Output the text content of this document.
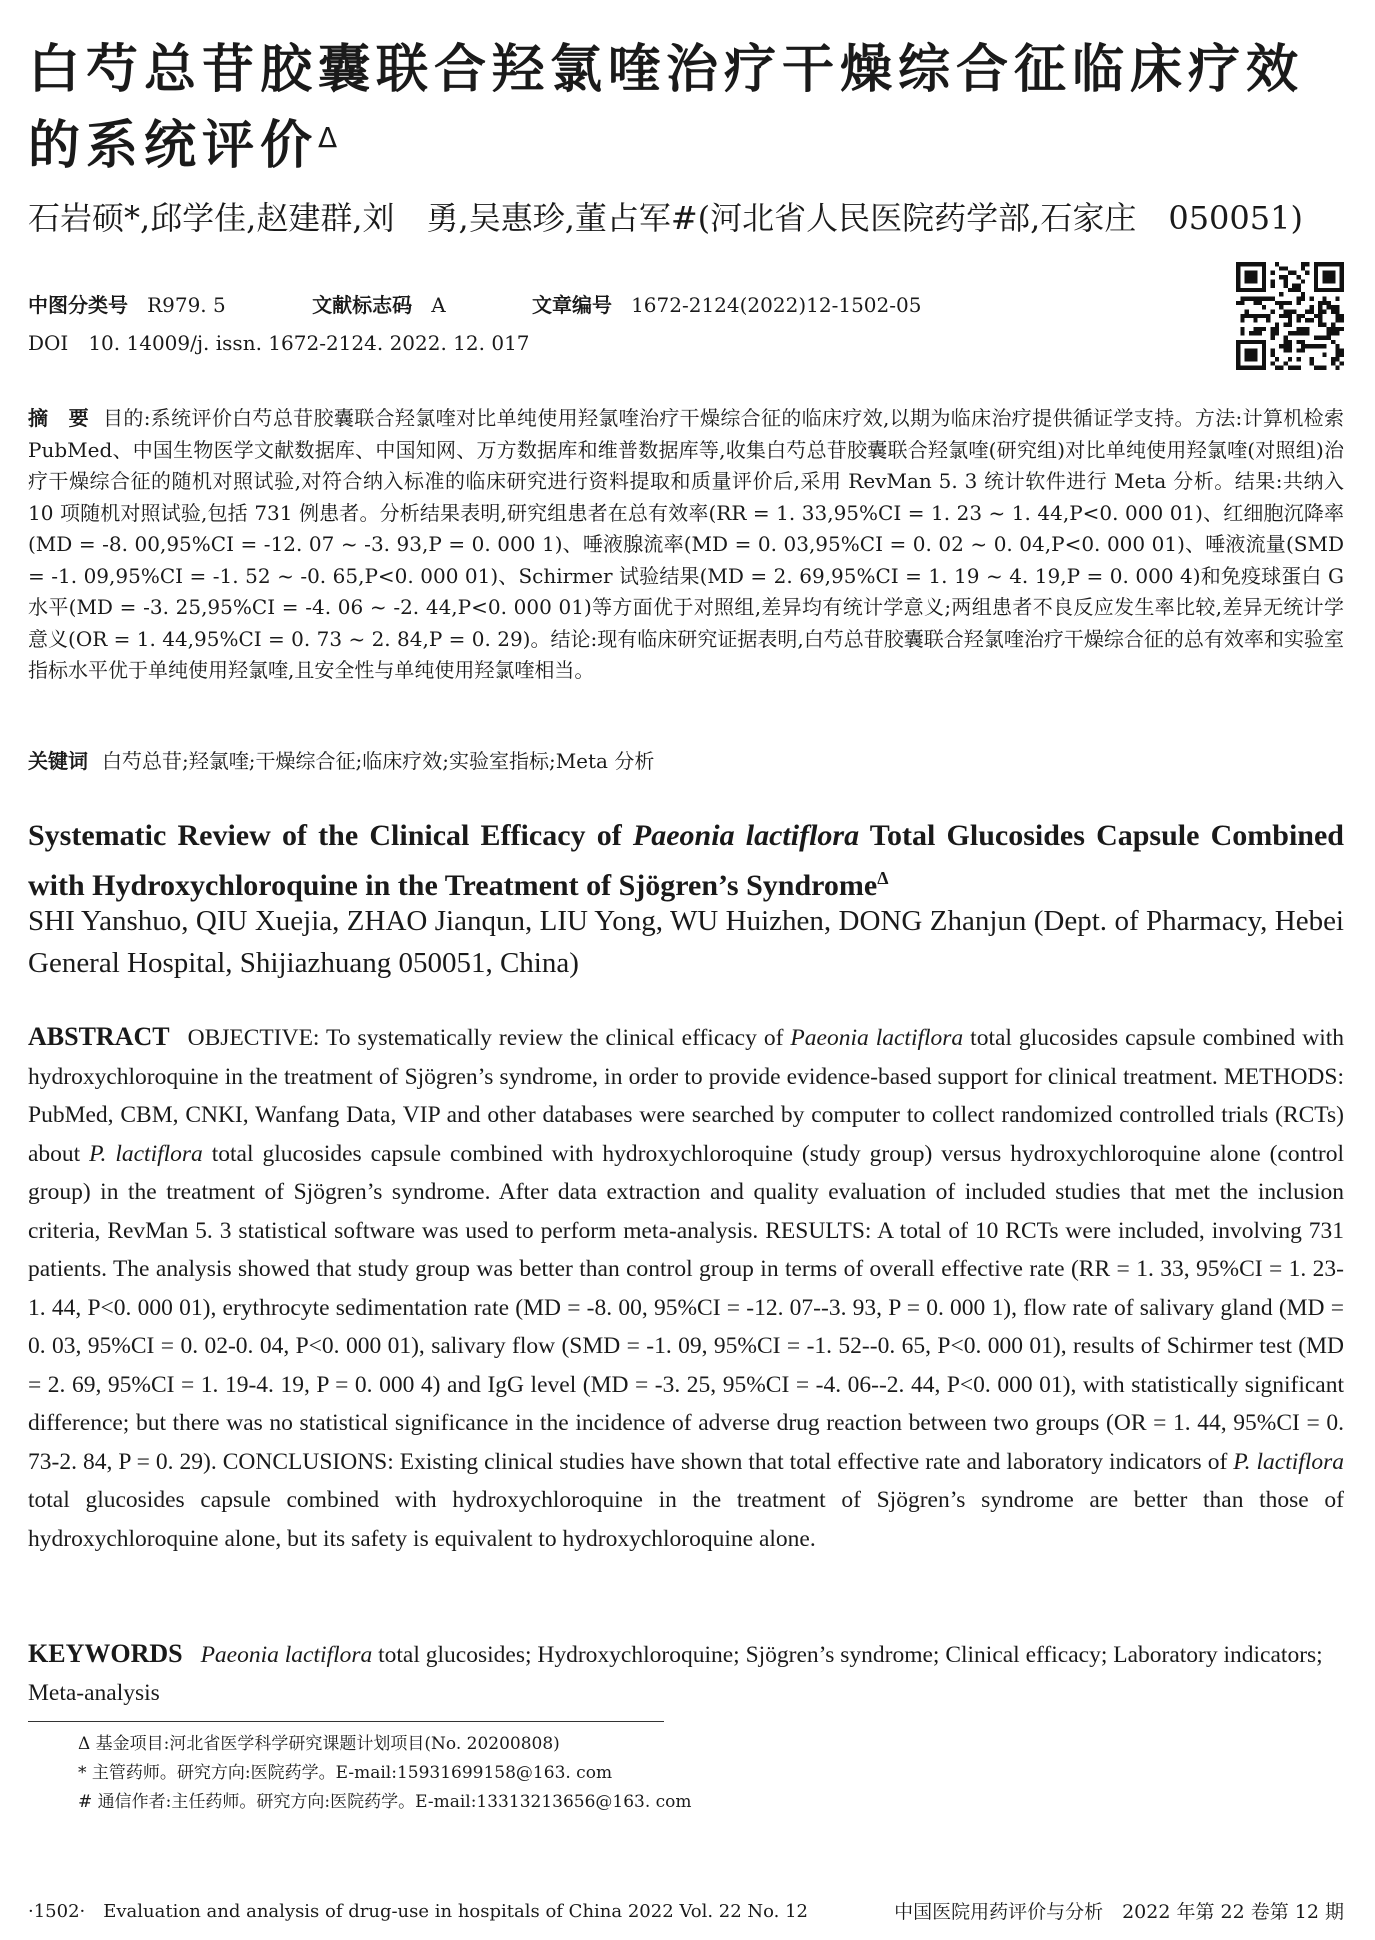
白芍总苷胶囊联合羟氯喹治疗干燥综合征临床疗效的系统评价$^\Delta$
石岩硕*,邱学佳,赵建群,刘　勇,吴惠珍,董占军#(河北省人民医院药学部,石家庄　050051)
中图分类号 R979. 5	文献标志码 A	文章编号 1672-2124(2022)12-1502-05
DOI　10. 14009/j. issn. 1672-2124. 2022. 12. 017
摘　要 目的:系统评价白芍总苷胶囊联合羟氯喹对比单纯使用羟氯喹治疗干燥综合征的临床疗效,以期为临床治疗提供循证学支持。方法:计算机检索 PubMed、中国生物医学文献数据库、中国知网、万方数据库和维普数据库等,收集白芍总苷胶囊联合羟氯喹(研究组)对比单纯使用羟氯喹(对照组)治疗干燥综合征的随机对照试验,对符合纳入标准的临床研究进行资料提取和质量评价后,采用 RevMan 5. 3 统计软件进行 Meta 分析。结果:共纳入 10 项随机对照试验,包括 731 例患者。分析结果表明,研究组患者在总有效率(RR = 1. 33,95%CI = 1. 23 ~ 1. 44,P<0. 000 01)、红细胞沉降率(MD = -8. 00,95%CI = -12. 07 ~ -3. 93,P = 0. 000 1)、唾液腺流率(MD = 0. 03,95%CI = 0. 02 ~ 0. 04,P<0. 000 01)、唾液流量(SMD = -1. 09,95%CI = -1. 52 ~ -0. 65,P<0. 000 01)、Schirmer 试验结果(MD = 2. 69,95%CI = 1. 19 ~ 4. 19,P = 0. 000 4)和免疫球蛋白 G 水平(MD = -3. 25,95%CI = -4. 06 ~ -2. 44,P<0. 000 01)等方面优于对照组,差异均有统计学意义;两组患者不良反应发生率比较,差异无统计学意义(OR = 1. 44,95%CI = 0. 73 ~ 2. 84,P = 0. 29)。结论:现有临床研究证据表明,白芍总苷胶囊联合羟氯喹治疗干燥综合征的总有效率和实验室指标水平优于单纯使用羟氯喹,且安全性与单纯使用羟氯喹相当。
关键词 白芍总苷;羟氯喹;干燥综合征;临床疗效;实验室指标;Meta 分析
Systematic Review of the Clinical Efficacy of Paeonia lactiflora Total Glucosides Capsule Combined with Hydroxychloroquine in the Treatment of Sjögren’s Syndrome$^\Delta$
SHI Yanshuo, QIU Xuejia, ZHAO Jianqun, LIU Yong, WU Huizhen, DONG Zhanjun (Dept. of Pharmacy, Hebei General Hospital, Shijiazhuang 050051, China)
ABSTRACT OBJECTIVE: To systematically review the clinical efficacy of Paeonia lactiflora total glucosides capsule combined with hydroxychloroquine in the treatment of Sjögren’s syndrome, in order to provide evidence-based support for clinical treatment. METHODS: PubMed, CBM, CNKI, Wanfang Data, VIP and other databases were searched by computer to collect randomized controlled trials (RCTs) about P. lactiflora total glucosides capsule combined with hydroxychloroquine (study group) versus hydroxychloroquine alone (control group) in the treatment of Sjögren’s syndrome. After data extraction and quality evaluation of included studies that met the inclusion criteria, RevMan 5. 3 statistical software was used to perform meta-analysis. RESULTS: A total of 10 RCTs were included, involving 731 patients. The analysis showed that study group was better than control group in terms of overall effective rate (RR = 1. 33, 95%CI = 1. 23-1. 44, P<0. 000 01), erythrocyte sedimentation rate (MD = -8. 00, 95%CI = -12. 07--3. 93, P = 0. 000 1), flow rate of salivary gland (MD = 0. 03, 95%CI = 0. 02-0. 04, P<0. 000 01), salivary flow (SMD = -1. 09, 95%CI = -1. 52--0. 65, P<0. 000 01), results of Schirmer test (MD = 2. 69, 95%CI = 1. 19-4. 19, P = 0. 000 4) and IgG level (MD = -3. 25, 95%CI = -4. 06--2. 44, P<0. 000 01), with statistically significant difference; but there was no statistical significance in the incidence of adverse drug reaction between two groups (OR = 1. 44, 95%CI = 0. 73-2. 84, P = 0. 29). CONCLUSIONS: Existing clinical studies have shown that total effective rate and laboratory indicators of P. lactiflora total glucosides capsule combined with hydroxychloroquine in the treatment of Sjögren’s syndrome are better than those of hydroxychloroquine alone, but its safety is equivalent to hydroxychloroquine alone.
KEYWORDS Paeonia lactiflora total glucosides; Hydroxychloroquine; Sjögren’s syndrome; Clinical efficacy; Laboratory indicators; Meta-analysis
Δ 基金项目:河北省医学科学研究课题计划项目(No. 20200808)
* 主管药师。研究方向:医院药学。E-mail:15931699158@163. com
# 通信作者:主任药师。研究方向:医院药学。E-mail:13313213656@163. com
·1502·　Evaluation and analysis of drug-use in hospitals of China 2022 Vol. 22 No. 12	中国医院用药评价与分析　2022 年第 22 卷第 12 期
